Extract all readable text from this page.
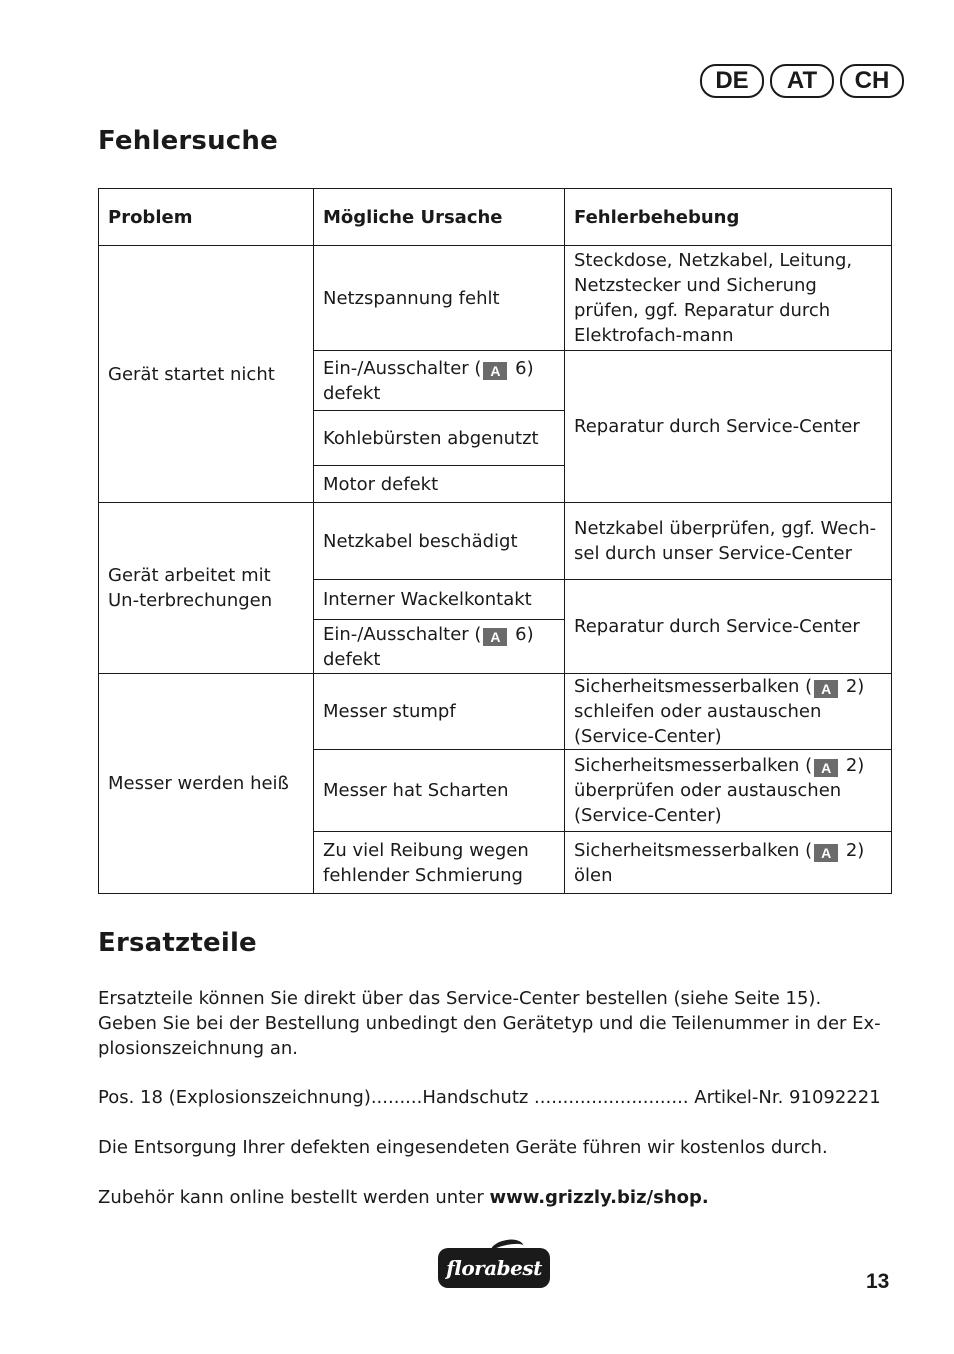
DE	AT	CH
Fehlersuche
Problem	Mögliche Ursache	Fehlerbehebung
Gerät startet nicht	Netzspannung fehlt	Steckdose, Netzkabel, Leitung, Netzstecker und Sicherung prüfen, ggf. Reparatur durch Elektrofach-mann
	Ein-/Ausschalter ( A 6) defekt	Reparatur durch Service-Center
	Kohlebürsten abgenutzt	
	Motor defekt	
Gerät arbeitet mit Un-terbrechungen	Netzkabel beschädigt	Netzkabel überprüfen, ggf. Wech-sel durch unser Service-Center
	Interner Wackelkontakt	Reparatur durch Service-Center
	Ein-/Ausschalter ( A 6) defekt	
Messer werden heiß	Messer stumpf	Sicherheitsmesserbalken ( A 2) schleifen oder austauschen (Service-Center)
	Messer hat Scharten	Sicherheitsmesserbalken ( A 2) überprüfen oder austauschen (Service-Center)
	Zu viel Reibung wegen fehlender Schmierung	Sicherheitsmesserbalken ( A 2) ölen
Ersatzteile

Ersatzteile können Sie direkt über das Service-Center bestellen (siehe Seite 15).
Geben Sie bei der Bestellung unbedingt den Gerätetyp und die Teilenummer in der Ex-plosionszeichnung an.

Pos. 18 (Explosionszeichnung).........Handschutz ........................... Artikel-Nr. 91092221

Die Entsorgung Ihrer defekten eingesendeten Geräte führen wir kostenlos durch.

Zubehör kann online bestellt werden unter www.grizzly.biz/shop.

florabest
13
